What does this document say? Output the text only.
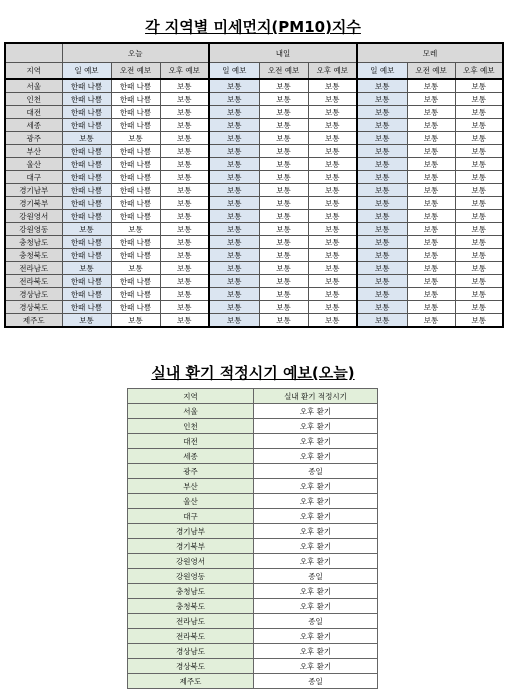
각 지역별 미세먼지(PM10)지수
	오늘			내일			모레		
지역	일 예보	오전 예보	오후 예보	일 예보	오전 예보	오후 예보	일 예보	오전 예보	오후 예보
서울	한때 나쁨	한때 나쁨	보통	보통	보통	보통	보통	보통	보통
인천	한때 나쁨	한때 나쁨	보통	보통	보통	보통	보통	보통	보통
대전	한때 나쁨	한때 나쁨	보통	보통	보통	보통	보통	보통	보통
세종	한때 나쁨	한때 나쁨	보통	보통	보통	보통	보통	보통	보통
광주	보통	보통	보통	보통	보통	보통	보통	보통	보통
부산	한때 나쁨	한때 나쁨	보통	보통	보통	보통	보통	보통	보통
울산	한때 나쁨	한때 나쁨	보통	보통	보통	보통	보통	보통	보통
대구	한때 나쁨	한때 나쁨	보통	보통	보통	보통	보통	보통	보통
경기남부	한때 나쁨	한때 나쁨	보통	보통	보통	보통	보통	보통	보통
경기북부	한때 나쁨	한때 나쁨	보통	보통	보통	보통	보통	보통	보통
강원영서	한때 나쁨	한때 나쁨	보통	보통	보통	보통	보통	보통	보통
강원영동	보통	보통	보통	보통	보통	보통	보통	보통	보통
충청남도	한때 나쁨	한때 나쁨	보통	보통	보통	보통	보통	보통	보통
충청북도	한때 나쁨	한때 나쁨	보통	보통	보통	보통	보통	보통	보통
전라남도	보통	보통	보통	보통	보통	보통	보통	보통	보통
전라북도	한때 나쁨	한때 나쁨	보통	보통	보통	보통	보통	보통	보통
경상남도	한때 나쁨	한때 나쁨	보통	보통	보통	보통	보통	보통	보통
경상북도	한때 나쁨	한때 나쁨	보통	보통	보통	보통	보통	보통	보통
제주도	보통	보통	보통	보통	보통	보통	보통	보통	보통
실내 환기 적정시기 예보(오늘)
지역	실내 환기 적정시기
서울	오후 환기
인천	오후 환기
대전	오후 환기
세종	오후 환기
광주	종일
부산	오후 환기
울산	오후 환기
대구	오후 환기
경기남부	오후 환기
경기북부	오후 환기
강원영서	오후 환기
강원영동	종일
충청남도	오후 환기
충청북도	오후 환기
전라남도	종일
전라북도	오후 환기
경상남도	오후 환기
경상북도	오후 환기
제주도	종일
